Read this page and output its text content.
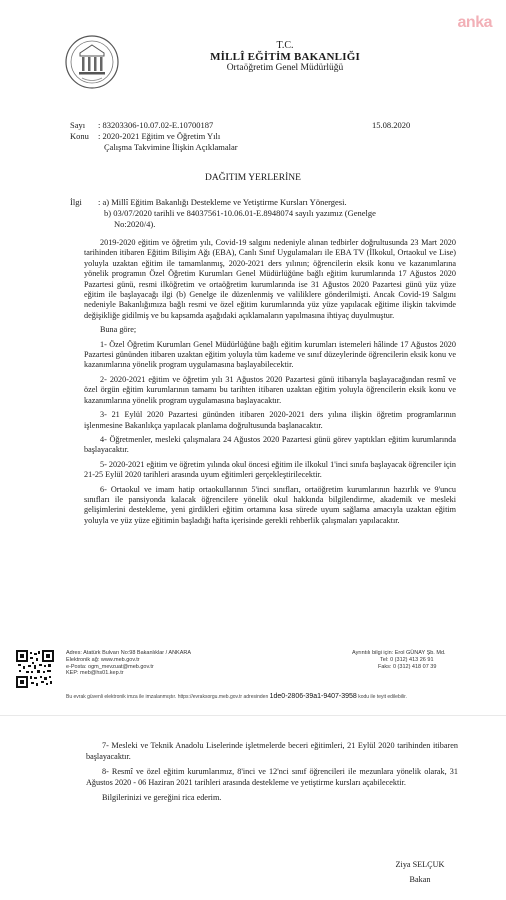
anka
T.C.
MİLLÎ EĞİTİM BAKANLIĞI
Ortaöğretim Genel Müdürlüğü
Sayı : 83203306-10.07.02-E.10700187	15.08.2020
Konu : 2020-2021 Eğitim ve Öğretim Yılı
Çalışma Takvimine İlişkin Açıklamalar
DAĞITIM YERLERİNE
İlgi : a) Millî Eğitim Bakanlığı Destekleme ve Yetiştirme Kursları Yönergesi.
b) 03/07/2020 tarihli ve 84037561-10.06.01-E.8948074 sayılı yazımız (Genelge
No:2020/4).

2019-2020 eğitim ve öğretim yılı, Covid-19 salgını nedeniyle alınan tedbirler doğrultusunda 23 Mart 2020 tarihinden itibaren Eğitim Bilişim Ağı (EBA), Canlı Sınıf Uygulamaları ile EBA TV (İlkokul, Ortaokul ve Lise) yoluyla uzaktan eğitim ile tamamlanmış, 2020-2021 ders yılının; öğrencilerin eksik konu ve kazanımlarına yönelik programın Özel Öğretim Kurumları Genel Müdürlüğüne bağlı eğitim kurumlarında 17 Ağustos 2020 Pazartesi günü, resmi ilköğretim ve ortaöğretim kurumlarında ise 31 Ağustos 2020 Pazartesi günü yüz yüze eğitim ile başlayacağı ilgi (b) Genelge ile düzenlenmiş ve valiliklere gönderilmişti. Ancak Covid-19 Salgını nedeniyle Bakanlığımıza bağlı resmi ve özel eğitim kurumlarında yüz yüze yapılacak eğitime ilişkin takvimde değişikliğe gidilmiş ve bu kapsamda aşağıdaki açıklamaların yapılmasına ihtiyaç duyulmuştur.

Buna göre;

1- Özel Öğretim Kurumları Genel Müdürlüğüne bağlı eğitim kurumları istemeleri hâlinde 17 Ağustos 2020 Pazartesi gününden itibaren uzaktan eğitim yoluyla tüm kademe ve sınıf düzeylerinde öğrencilerin eksik konu ve kazanımlarına yönelik program uygulamasına başlayabilecektir.

2- 2020-2021 eğitim ve öğretim yılı 31 Ağustos 2020 Pazartesi günü itibarıyla başlayacağından resmî ve özel örgün eğitim kurumlarının tamamı bu tarihten itibaren uzaktan eğitim yoluyla öğrencilerin eksik konu ve kazanımlarına yönelik program uygulamasına başlayacaktır.

3- 21 Eylül 2020 Pazartesi gününden itibaren 2020-2021 ders yılına ilişkin öğretim programlarının işlenmesine Bakanlıkça yapılacak planlama doğrultusunda başlanacaktır.

4- Öğretmenler, mesleki çalışmalara 24 Ağustos 2020 Pazartesi günü görev yaptıkları eğitim kurumlarında başlayacaktır.

5- 2020-2021 eğitim ve öğretim yılında okul öncesi eğitim ile ilkokul 1'inci sınıfa başlayacak öğrenciler için 21-25 Eylül 2020 tarihleri arasında uyum eğitimleri gerçekleştirilecektir.

6- Ortaokul ve imam hatip ortaokullarının 5'inci sınıfları, ortaöğretim kurumlarının hazırlık ve 9'uncu sınıfları ile pansiyonda kalacak öğrencilere yönelik okul hakkında bilgilendirme, akademik ve mesleki gelişimlerini destekleme, yeni girdikleri eğitim ortamına kısa sürede uyum sağlama amacıyla uzaktan eğitim yoluyla ve yüz yüze eğitimin başladığı hafta içerisinde gerekli rehberlik çalışmaları yapılacaktır.

Adres: Atatürk Bulvarı No:98 Bakanlıklar / ANKARA
Elektronik ağ: www.meb.gov.tr
e-Posta: ogm_mevzuat@meb.gov.tr
KEP: meb@hs01.kep.tr
Ayrıntılı bilgi için: Erol GÜNAY Şb. Md.
Tel: 0 (312) 413 26 91
Faks: 0 (312) 418 07 39
Bu evrak güvenli elektronik imza ile imzalanmıştır. https://evraksorgu.meb.gov.tr adresinden 1de0-2806-39a1-9407-3958 kodu ile teyit edilebilir.

7- Mesleki ve Teknik Anadolu Liselerinde işletmelerde beceri eğitimleri, 21 Eylül 2020 tarihinden itibaren başlayacaktır.

8- Resmî ve özel eğitim kurumlarımız, 8'inci ve 12'nci sınıf öğrencileri ile mezunlara yönelik olarak, 31 Ağustos 2020 - 06 Haziran 2021 tarihleri arasında destekleme ve yetiştirme kursları açabilecektir.

Bilgilerinizi ve gereğini rica ederim.

Ziya SELÇUK
Bakan
